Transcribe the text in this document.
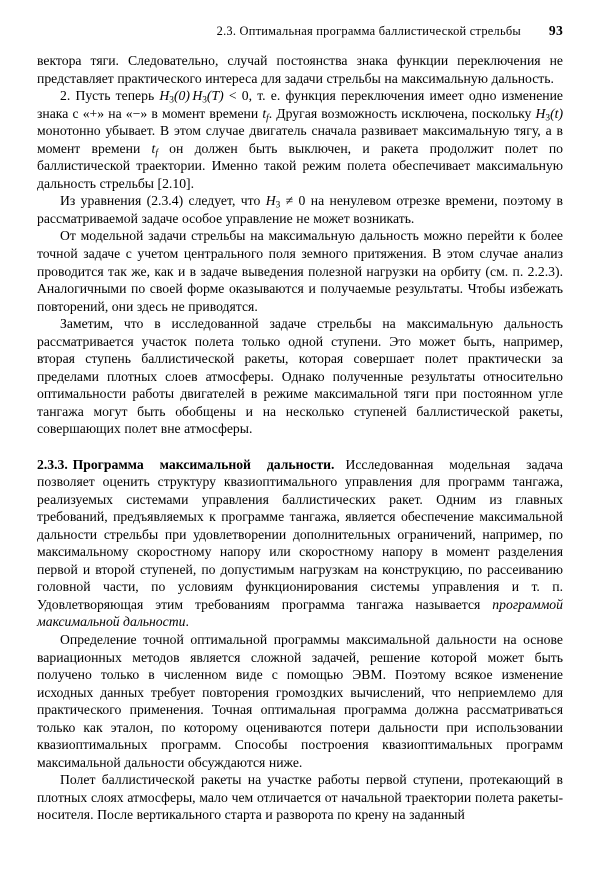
2.3. Оптимальная программа баллистической стрельбы	93

вектора тяги. Следовательно, случай постоянства знака функции переключения не представляет практического интереса для задачи стрельбы на максимальную дальность.

2. Пусть теперь $H_3(0) H_3(T) < 0$, т. е. функция переключения имеет одно изменение знака с «+» на «−» в момент времени $t_f$. Другая возможность исключена, поскольку $H_3(t)$ монотонно убывает. В этом случае двигатель сначала развивает максимальную тягу, а в момент времени $t_f$ он должен быть выключен, и ракета продолжит полет по баллистической траектории. Именно такой режим полета обеспечивает максимальную дальность стрельбы [2.10].

Из уравнения (2.3.4) следует, что $H_3 \ne 0$ на ненулевом отрезке времени, поэтому в рассматриваемой задаче особое управление не может возникать.

От модельной задачи стрельбы на максимальную дальность можно перейти к более точной задаче с учетом центрального поля земного притяжения. В этом случае анализ проводится так же, как и в задаче выведения полезной нагрузки на орбиту (см. п. 2.2.3). Аналогичными по своей форме оказываются и получаемые результаты. Чтобы избежать повторений, они здесь не приводятся.

Заметим, что в исследованной задаче стрельбы на максимальную дальность рассматривается участок полета только одной ступени. Это может быть, например, вторая ступень баллистической ракеты, которая совершает полет практически за пределами плотных слоев атмосферы. Однако полученные результаты относительно оптимальности работы двигателей в режиме максимальной тяги при постоянном угле тангажа могут быть обобщены и на несколько ступеней баллистической ракеты, совершающих полет вне атмосферы.

2.3.3. Программа максимальной дальности. Исследованная модельная задача позволяет оценить структуру квазиоптимального управления для программ тангажа, реализуемых системами управления баллистических ракет. Одним из главных требований, предъявляемых к программе тангажа, является обеспечение максимальной дальности стрельбы при удовлетворении дополнительных ограничений, например, по максимальному скоростному напору или скоростному напору в момент разделения первой и второй ступеней, по допустимым нагрузкам на конструкцию, по рассеиванию головной части, по условиям функционирования системы управления и т. п. Удовлетворяющая этим требованиям программа тангажа называется программой максимальной дальности.

Определение точной оптимальной программы максимальной дальности на основе вариационных методов является сложной задачей, решение которой может быть получено только в численном виде с помощью ЭВМ. Поэтому всякое изменение исходных данных требует повторения громоздких вычислений, что неприемлемо для практического применения. Точная оптимальная программа должна рассматриваться только как эталон, по которому оцениваются потери дальности при использовании квазиоптимальных программ. Способы построения квазиоптимальных программ максимальной дальности обсуждаются ниже.

Полет баллистической ракеты на участке работы первой ступени, протекающий в плотных слоях атмосферы, мало чем отличается от начальной траектории полета ракеты-носителя. После вертикального старта и разворота по крену на заданный
